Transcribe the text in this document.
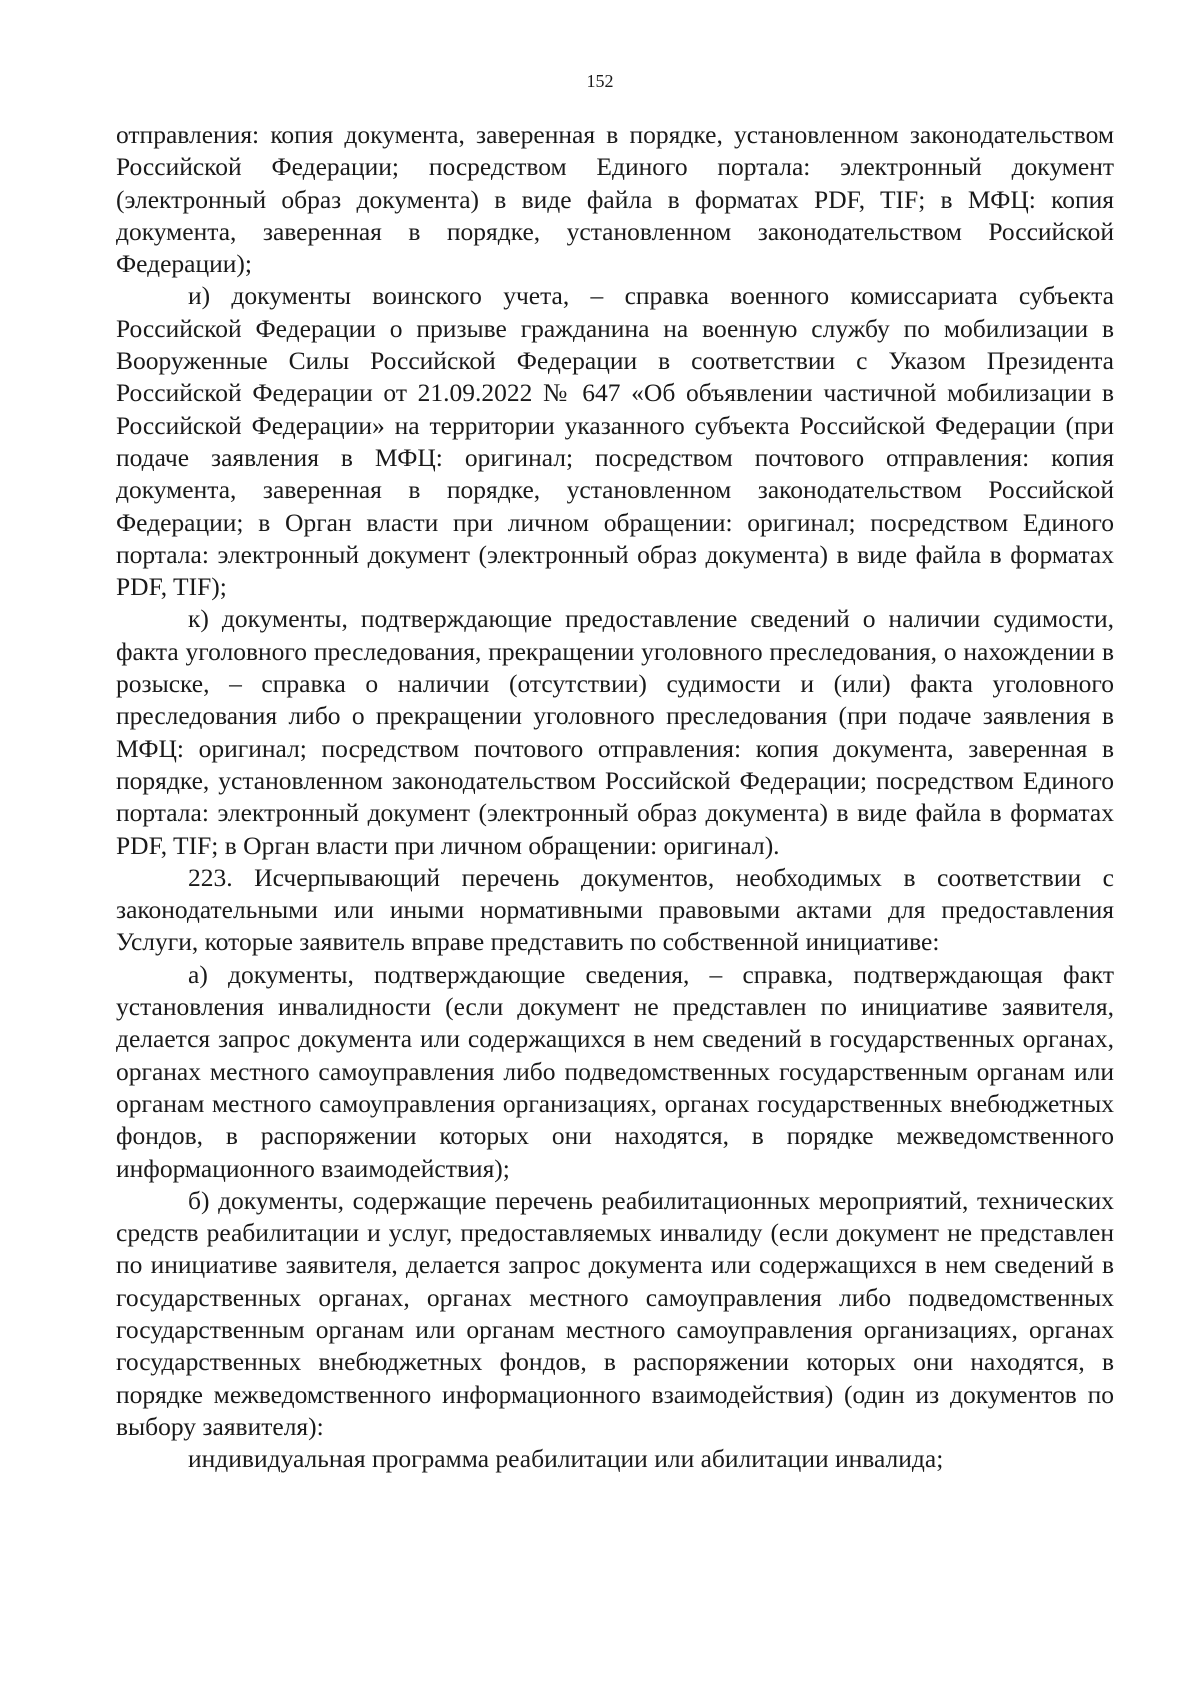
152

отправления: копия документа, заверенная в порядке, установленном законодательством Российской Федерации; посредством Единого портала: электронный документ (электронный образ документа) в виде файла в форматах PDF, TIF; в МФЦ: копия документа, заверенная в порядке, установленном законодательством Российской Федерации);

и) документы воинского учета, – справка военного комиссариата субъекта Российской Федерации о призыве гражданина на военную службу по мобилизации в Вооруженные Силы Российской Федерации в соответствии с Указом Президента Российской Федерации от 21.09.2022 № 647 «Об объявлении частичной мобилизации в Российской Федерации» на территории указанного субъекта Российской Федерации (при подаче заявления в МФЦ: оригинал; посредством почтового отправления: копия документа, заверенная в порядке, установленном законодательством Российской Федерации; в Орган власти при личном обращении: оригинал; посредством Единого портала: электронный документ (электронный образ документа) в виде файла в форматах PDF, TIF);

к) документы, подтверждающие предоставление сведений о наличии судимости, факта уголовного преследования, прекращении уголовного преследования, о нахождении в розыске, – справка о наличии (отсутствии) судимости и (или) факта уголовного преследования либо о прекращении уголовного преследования (при подаче заявления в МФЦ: оригинал; посредством почтового отправления: копия документа, заверенная в порядке, установленном законодательством Российской Федерации; посредством Единого портала: электронный документ (электронный образ документа) в виде файла в форматах PDF, TIF; в Орган власти при личном обращении: оригинал).

223. Исчерпывающий перечень документов, необходимых в соответствии с законодательными или иными нормативными правовыми актами для предоставления Услуги, которые заявитель вправе представить по собственной инициативе:

а) документы, подтверждающие сведения, – справка, подтверждающая факт установления инвалидности (если документ не представлен по инициативе заявителя, делается запрос документа или содержащихся в нем сведений в государственных органах, органах местного самоуправления либо подведомственных государственным органам или органам местного самоуправления организациях, органах государственных внебюджетных фондов, в распоряжении которых они находятся, в порядке межведомственного информационного взаимодействия);

б) документы, содержащие перечень реабилитационных мероприятий, технических средств реабилитации и услуг, предоставляемых инвалиду (если документ не представлен по инициативе заявителя, делается запрос документа или содержащихся в нем сведений в государственных органах, органах местного самоуправления либо подведомственных государственным органам или органам местного самоуправления организациях, органах государственных внебюджетных фондов, в распоряжении которых они находятся, в порядке межведомственного информационного взаимодействия) (один из документов по выбору заявителя):

индивидуальная программа реабилитации или абилитации инвалида;
